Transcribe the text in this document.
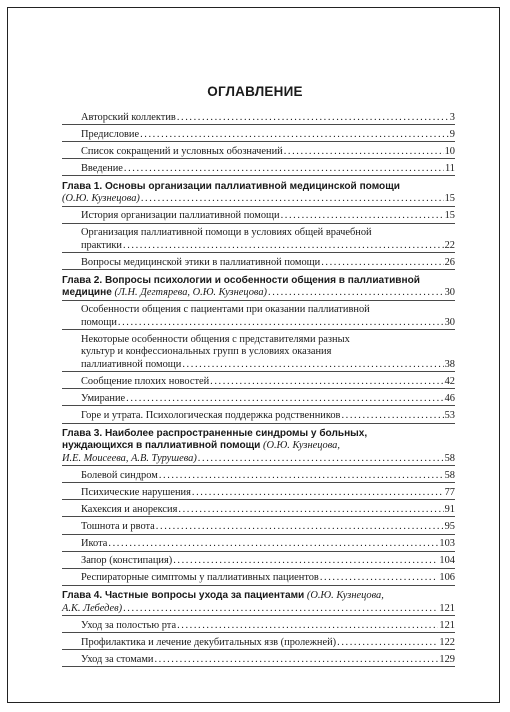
ОГЛАВЛЕНИЕ
Авторский коллектив . . .	3
Предисловие . . .	9
Список сокращений и условных обозначений . . .	10
Введение . . .	11
Глава 1. Основы организации паллиативной медицинской помощи
(О.Ю. Кузнецова) . . .	15
История организации паллиативной помощи . . .	15
Организация паллиативной помощи в условиях общей врачебной
практики . . .	22
Вопросы медицинской этики в паллиативной помощи . . .	26
Глава 2. Вопросы психологии и особенности общения в паллиативной
медицине (Л.Н. Дегтярева, О.Ю. Кузнецова) . . .	30
Особенности общения с пациентами при оказании паллиативной
помощи . . .	30
Некоторые особенности общения с представителями разных
культур и конфессиональных групп в условиях оказания
паллиативной помощи . . .	38
Сообщение плохих новостей . . .	42
Умирание . . .	46
Горе и утрата. Психологическая поддержка родственников . . .	53
Глава 3. Наиболее распространенные синдромы у больных,
нуждающихся в паллиативной помощи (О.Ю. Кузнецова,
И.Е. Моисеева, А.В. Турушева) . . .	58
Болевой синдром . . .	58
Психические нарушения . . .	77
Кахексия и анорексия . . .	91
Тошнота и рвота . . .	95
Икота . . .	103
Запор (констипация) . . .	104
Респираторные симптомы у паллиативных пациентов . . .	106
Глава 4. Частные вопросы ухода за пациентами (О.Ю. Кузнецова,
А.К. Лебедев) . . .	121
Уход за полостью рта . . .	121
Профилактика и лечение декубитальных язв (пролежней) . . .	122
Уход за стомами . . .	129
